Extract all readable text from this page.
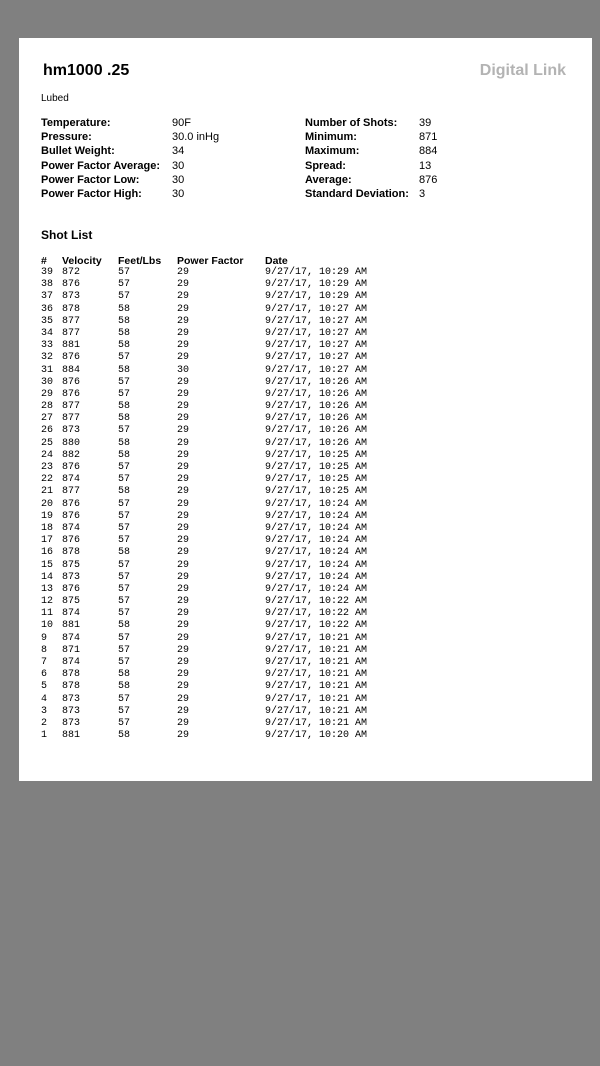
hm1000 .25	Digital Link
Lubed
Temperature:	90F
Pressure:	30.0 inHg
Bullet Weight:	34
Power Factor Average:	30
Power Factor Low:	30
Power Factor High:	30
Number of Shots:	39
Minimum:	871
Maximum:	884
Spread:	13
Average:	876
Standard Deviation: 3
Shot List
# Velocity Feet/Lbs Power Factor Date
39 872	57	29	9/27/17, 10:29 AM
38 876	57	29	9/27/17, 10:29 AM
37 873	57	29	9/27/17, 10:29 AM
36 878	58	29	9/27/17, 10:27 AM
35 877	58	29	9/27/17, 10:27 AM
34 877	58	29	9/27/17, 10:27 AM
33 881	58	29	9/27/17, 10:27 AM
32 876	57	29	9/27/17, 10:27 AM
31 884	58	30	9/27/17, 10:27 AM
30 876	57	29	9/27/17, 10:26 AM
29 876	57	29	9/27/17, 10:26 AM
28 877	58	29	9/27/17, 10:26 AM
27 877	58	29	9/27/17, 10:26 AM
26 873	57	29	9/27/17, 10:26 AM
25 880	58	29	9/27/17, 10:26 AM
24 882	58	29	9/27/17, 10:25 AM
23 876	57	29	9/27/17, 10:25 AM
22 874	57	29	9/27/17, 10:25 AM
21 877	58	29	9/27/17, 10:25 AM
20 876	57	29	9/27/17, 10:24 AM
19 876	57	29	9/27/17, 10:24 AM
18 874	57	29	9/27/17, 10:24 AM
17 876	57	29	9/27/17, 10:24 AM
16 878	58	29	9/27/17, 10:24 AM
15 875	57	29	9/27/17, 10:24 AM
14 873	57	29	9/27/17, 10:24 AM
13 876	57	29	9/27/17, 10:24 AM
12 875	57	29	9/27/17, 10:22 AM
11 874	57	29	9/27/17, 10:22 AM
10 881	58	29	9/27/17, 10:22 AM
9 874	57	29	9/27/17, 10:21 AM
8 871	57	29	9/27/17, 10:21 AM
7 874	57	29	9/27/17, 10:21 AM
6 878	58	29	9/27/17, 10:21 AM
5 878	58	29	9/27/17, 10:21 AM
4 873	57	29	9/27/17, 10:21 AM
3 873	57	29	9/27/17, 10:21 AM
2 873	57	29	9/27/17, 10:21 AM
1 881	58	29	9/27/17, 10:20 AM
